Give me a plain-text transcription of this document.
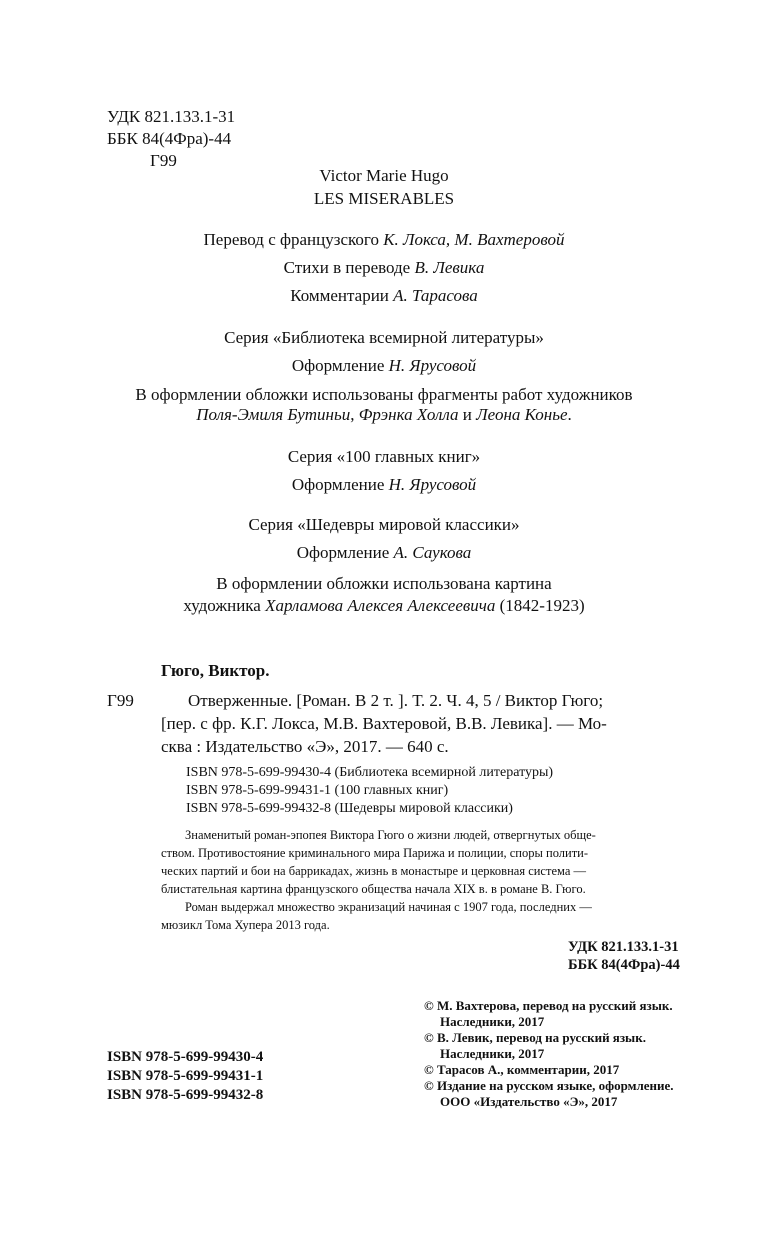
УДК 821.133.1-31
ББК 84(4Фра)-44
Г99
Victor Marie Hugo
LES MISERABLES
Перевод с французского К. Локса, М. Вахтеровой
Стихи в переводе В. Левика
Комментарии А. Тарасова
Серия «Библиотека всемирной литературы»
Оформление Н. Ярусовой
В оформлении обложки использованы фрагменты работ художников
Поля-Эмиля Бутиньи, Фрэнка Холла и Леона Конье.
Серия «100 главных книг»
Оформление Н. Ярусовой
Серия «Шедевры мировой классики»
Оформление А. Саукова
В оформлении обложки использована картина
художника Харламова Алексея Алексеевича (1842-1923)
Гюго, Виктор.
Г99	Отверженные. [Роман. В 2 т. ]. Т. 2. Ч. 4, 5 / Виктор Гюго;
[пер. с фр. К.Г. Локса, М.В. Вахтеровой, В.В. Левика]. — Мо-
сква : Издательство «Э», 2017. — 640 с.
ISBN 978-5-699-99430-4 (Библиотека всемирной литературы)
ISBN 978-5-699-99431-1 (100 главных книг)
ISBN 978-5-699-99432-8 (Шедевры мировой классики)
Знаменитый роман-эпопея Виктора Гюго о жизни людей, отвергнутых обще-
ством. Противостояние криминального мира Парижа и полиции, споры полити-
ческих партий и бои на баррикадах, жизнь в монастыре и церковная система —
блистательная картина французского общества начала XIX в. в романе В. Гюго.
Роман выдержал множество экранизаций начиная с 1907 года, последних —
мюзикл Тома Хупера 2013 года.
УДК 821.133.1-31
ББК 84(4Фра)-44
ISBN 978-5-699-99430-4
ISBN 978-5-699-99431-1
ISBN 978-5-699-99432-8
© М. Вахтерова, перевод на русский язык.
Наследники, 2017
© В. Левик, перевод на русский язык.
Наследники, 2017
© Тарасов А., комментарии, 2017
© Издание на русском языке, оформление.
ООО «Издательство «Э», 2017
